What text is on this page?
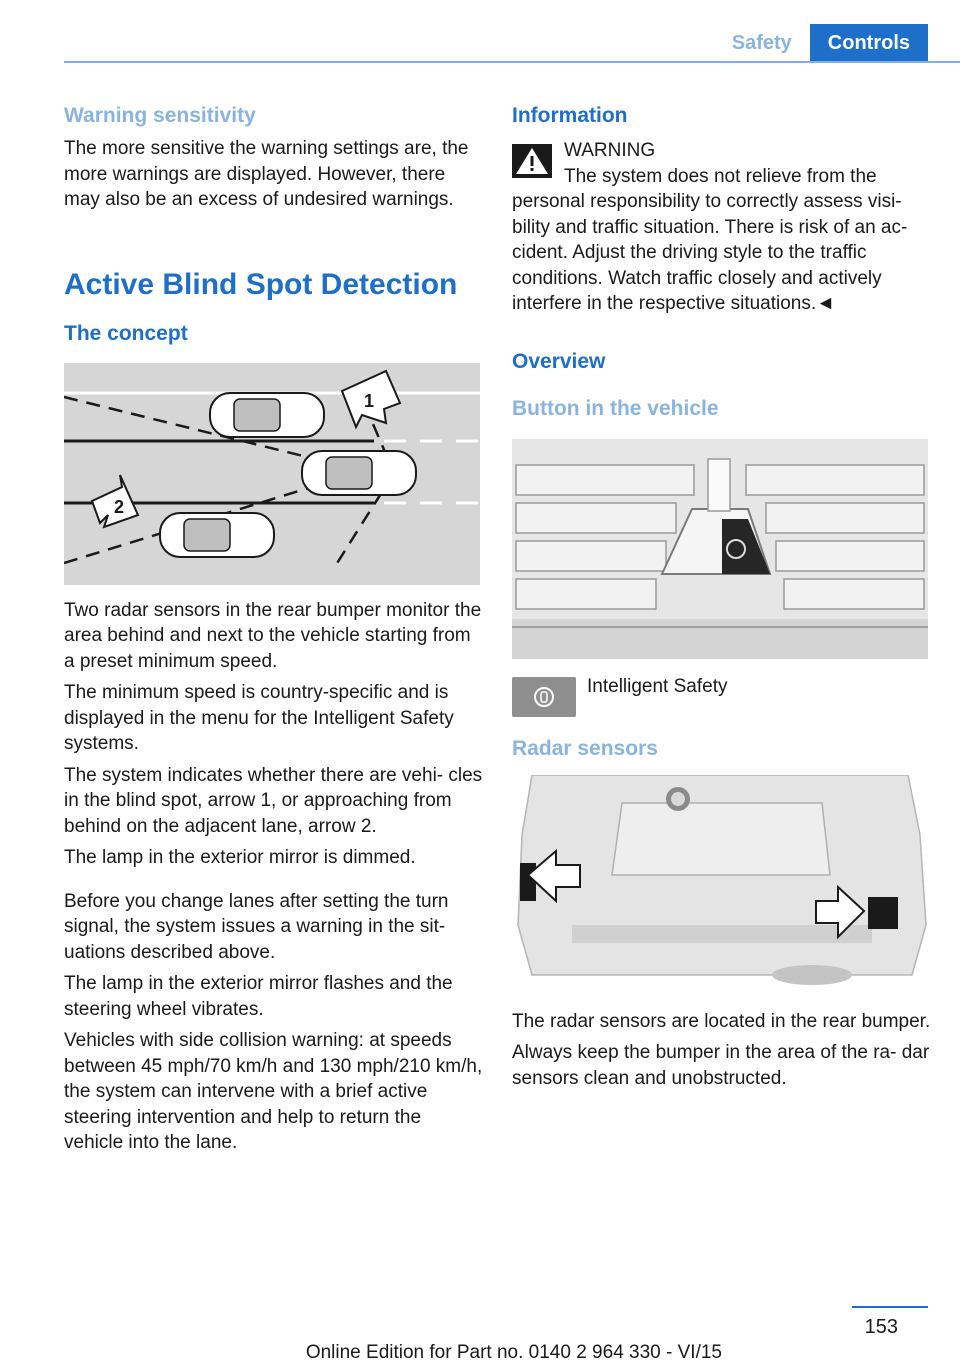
Safety	Controls
Warning sensitivity

The more sensitive the warning settings are, the more warnings are displayed. However, there may also be an excess of undesired warnings.

Active Blind Spot Detection
The concept
1
2

Two radar sensors in the rear bumper monitor the area behind and next to the vehicle starting from a preset minimum speed.

The minimum speed is country-specific and is displayed in the menu for the Intelligent Safety systems.

The system indicates whether there are vehi‐ cles in the blind spot, arrow 1, or approaching from behind on the adjacent lane, arrow 2.

The lamp in the exterior mirror is dimmed.

Before you change lanes after setting the turn signal, the system issues a warning in the sit‐ uations described above.

The lamp in the exterior mirror flashes and the steering wheel vibrates.

Vehicles with side collision warning: at speeds between 45 mph/70 km/h and 130 mph/210 km/h, the system can intervene with a brief active steering intervention and help to return the vehicle into the lane.

Information

WARNING

The system does not relieve from the

personal responsibility to correctly assess visi‐ bility and traffic situation. There is risk of an ac‐ cident. Adjust the driving style to the traffic conditions. Watch traffic closely and actively interfere in the respective situations.◄

Overview
Button in the vehicle

Intelligent Safety

Radar sensors

The radar sensors are located in the rear bumper.

Always keep the bumper in the area of the ra‐ dar sensors clean and unobstructed.

153
Online Edition for Part no. 0140 2 964 330 - VI/15
